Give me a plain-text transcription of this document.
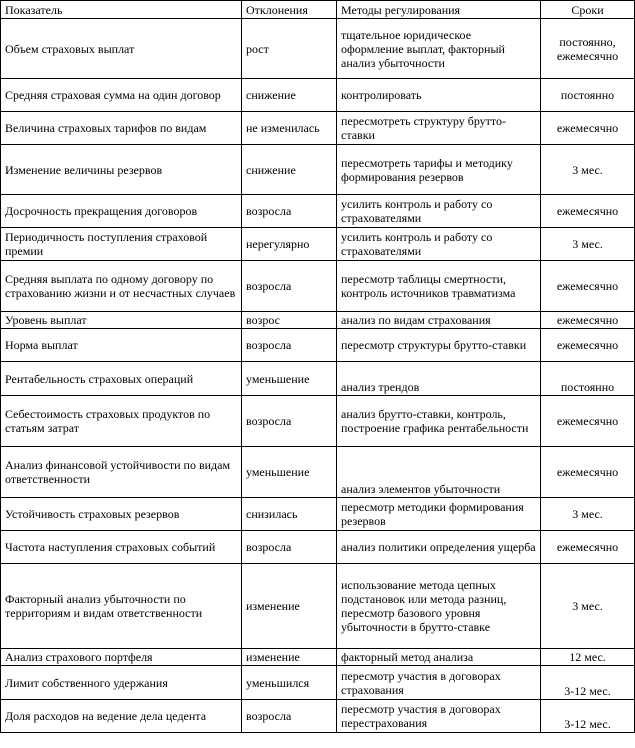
Показатель	Отклонения	Методы регулирования	Сроки
Объем страховых выплат	рост	тщательное юридическое оформление выплат, факторный анализ убыточности	постоянно, ежемесячно
Средняя страховая сумма на один договор	снижение	контролировать	постоянно
Величина страховых тарифов по видам	не изменилась	пересмотреть структуру брутто-ставки	ежемесячно
Изменение величины резервов	снижение	пересмотреть тарифы и методику формирования резервов	3 мес.
Досрочность прекращения договоров	возросла	усилить контроль и работу со страхователями	ежемесячно
Периодичность поступления страховой премии	нерегулярно	усилить контроль и работу со страхователями	3 мес.
Средняя выплата по одному договору по страхованию жизни и от несчастных случаев	возросла	пересмотр таблицы смертности, контроль источников травматизма	ежемесячно
Уровень выплат	возрос	анализ по видам страхования	ежемесячно
Норма выплат	возросла	пересмотр структуры брутто-ставки	ежемесячно
Рентабельность страховых операций	уменьшение	анализ трендов	постоянно
Себестоимость страховых продуктов по статьям затрат	возросла	анализ брутто-ставки, контроль, построение графика рентабельности	ежемесячно
Анализ финансовой устойчивости по видам ответственности	уменьшение	анализ элементов убыточности	ежемесячно
Устойчивость страховых резервов	снизилась	пересмотр методики формирования резервов	3 мес.
Частота наступления страховых событий	возросла	анализ политики определения ущерба	ежемесячно
Факторный анализ убыточности по территориям и видам ответственности	изменение	использование метода цепных подстановок или метода разниц, пересмотр базового уровня убыточности в брутто-ставке	3 мес.
Анализ страхового портфеля	изменение	факторный метод анализа	12 мес.
Лимит собственного удержания	уменьшился	пересмотр участия в договорах страхования	3-12 мес.
Доля расходов на ведение дела цедента	возросла	пересмотр участия в договорах перестрахования	3-12 мес.
